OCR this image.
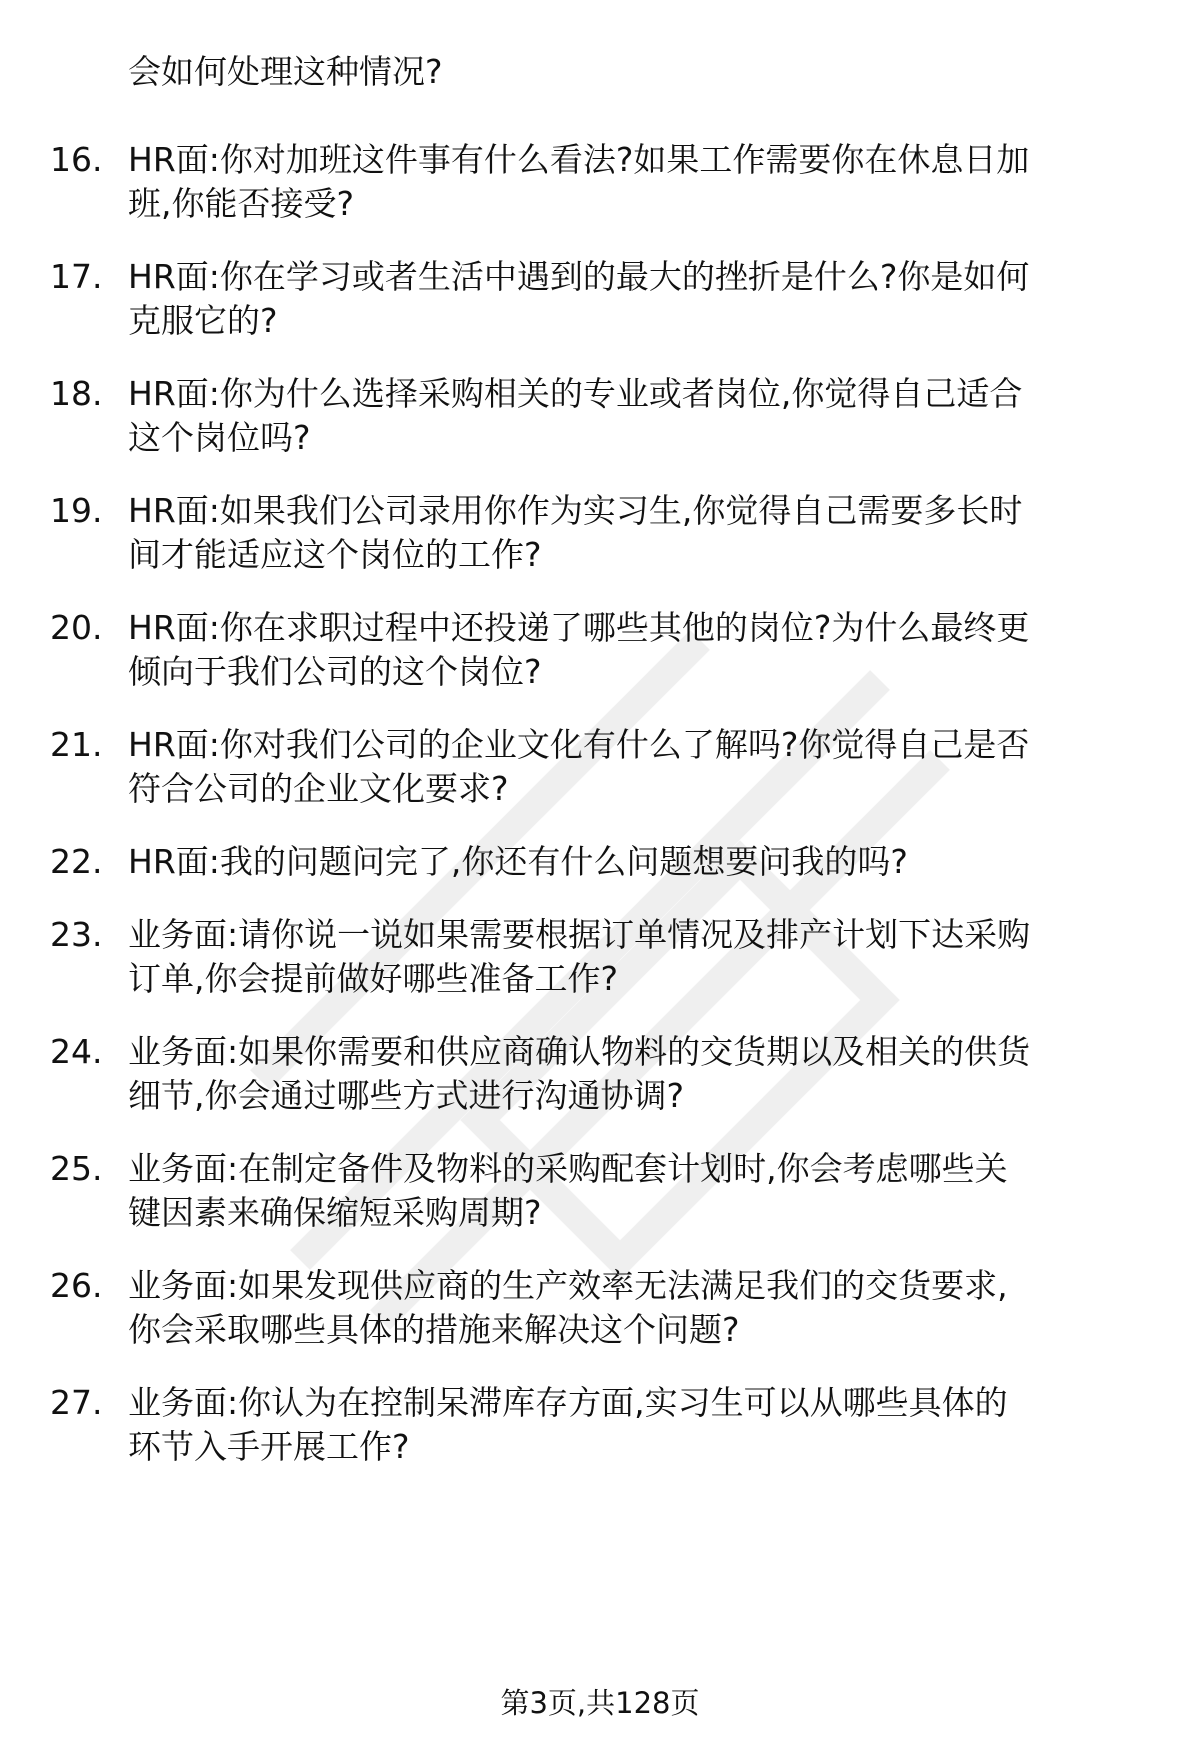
会如何处理这种情况?

16. HR面:你对加班这件事有什么看法?如果工作需要你在休息日加
班,你能否接受?

17. HR面:你在学习或者生活中遇到的最大的挫折是什么?你是如何
克服它的?

18. HR面:你为什么选择采购相关的专业或者岗位,你觉得自己适合
这个岗位吗?

19. HR面:如果我们公司录用你作为实习生,你觉得自己需要多长时
间才能适应这个岗位的工作?

20. HR面:你在求职过程中还投递了哪些其他的岗位?为什么最终更
倾向于我们公司的这个岗位?

21. HR面:你对我们公司的企业文化有什么了解吗?你觉得自己是否
符合公司的企业文化要求?

22. HR面:我的问题问完了,你还有什么问题想要问我的吗?

23. 业务面:请你说一说如果需要根据订单情况及排产计划下达采购
订单,你会提前做好哪些准备工作?

24. 业务面:如果你需要和供应商确认物料的交货期以及相关的供货
细节,你会通过哪些方式进行沟通协调?

25. 业务面:在制定备件及物料的采购配套计划时,你会考虑哪些关
键因素来确保缩短采购周期?

26. 业务面:如果发现供应商的生产效率无法满足我们的交货要求,
你会采取哪些具体的措施来解决这个问题?

27. 业务面:你认为在控制呆滞库存方面,实习生可以从哪些具体的
环节入手开展工作?

第3页,共128页
